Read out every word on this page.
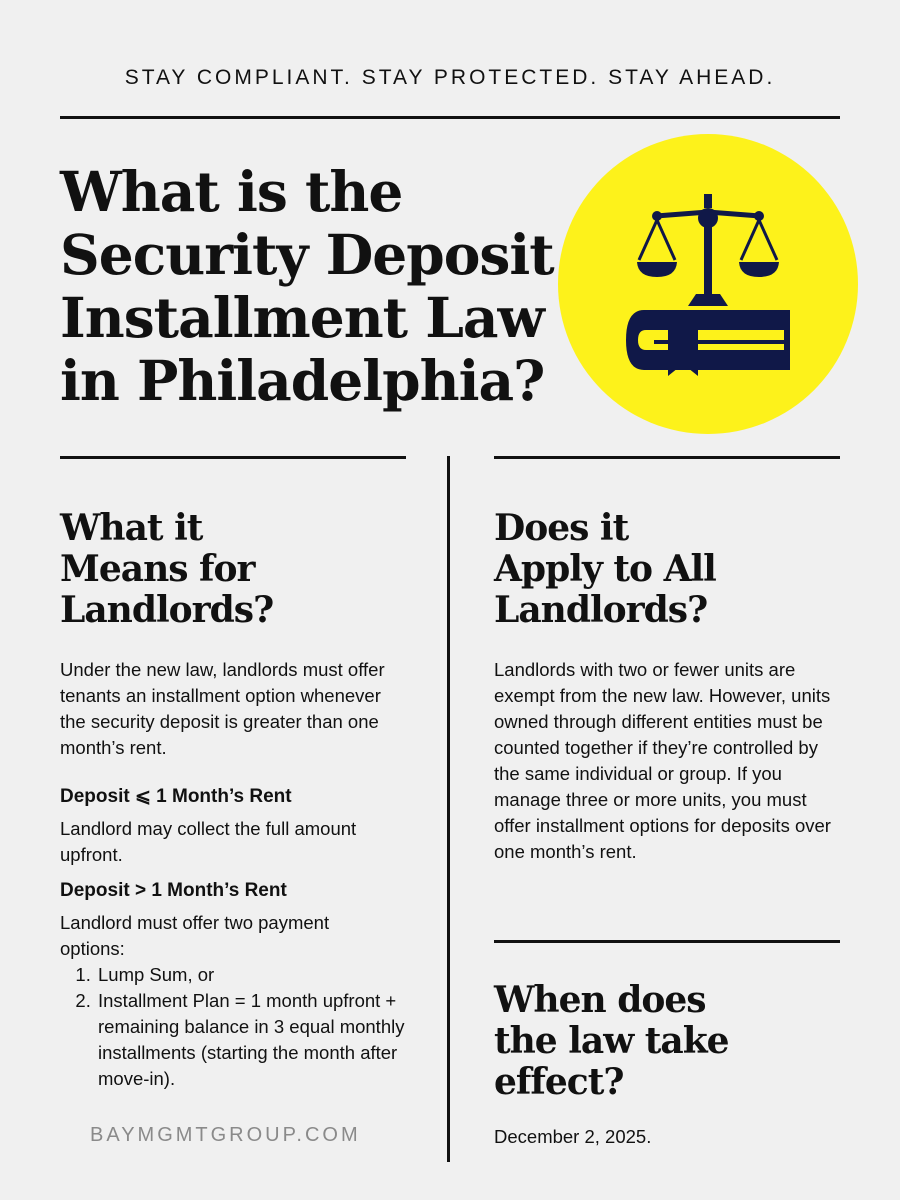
STAY COMPLIANT. STAY PROTECTED. STAY AHEAD.
What is the Security Deposit Installment Law in Philadelphia?
What it Means for Landlords?

Under the new law, landlords must offer tenants an installment option whenever the security deposit is greater than one month’s rent.

Deposit ⩽ 1 Month’s Rent

Landlord may collect the full amount upfront.

Deposit > 1 Month’s Rent

Landlord must offer two payment options:

1. Lump Sum, or
2. Installment Plan = 1 month upfront + remaining balance in 3 equal monthly installments (starting the month after move-in).
BAYMGMTGROUP.COM
Does it Apply to All Landlords?

Landlords with two or fewer units are exempt from the new law. However, units owned through different entities must be counted together if they’re controlled by the same individual or group. If you manage three or more units, you must offer installment options for deposits over one month’s rent.

When does the law take effect?

December 2, 2025.
